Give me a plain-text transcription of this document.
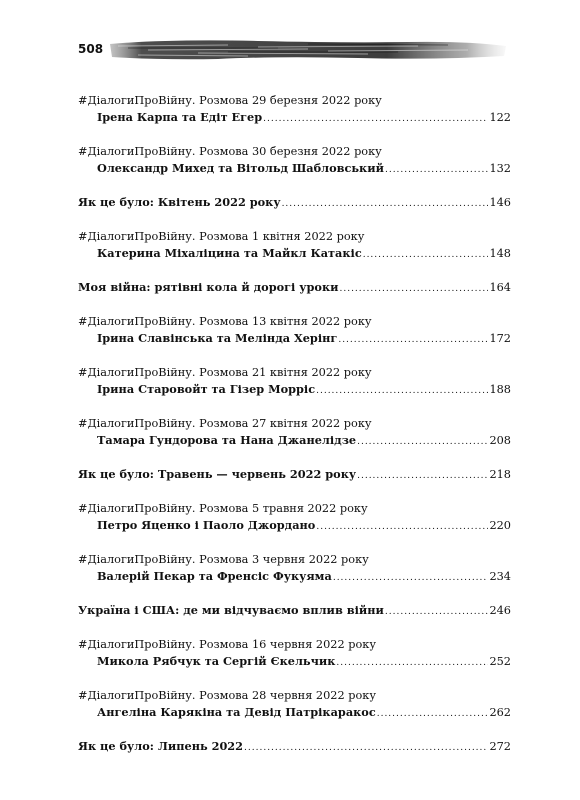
508
#ДіалогиПроВійну. Розмова 29 березня 2022 року
Ірена Карпа та Едіт Егер .....	122
#ДіалогиПроВійну. Розмова 30 березня 2022 року
Олександр Михед та Вітольд Шабловський .....	132
Як це було: Квітень 2022 року .....	146
#ДіалогиПроВійну. Розмова 1 квітня 2022 року
Катерина Міхаліцина та Майкл Катакіс .....	148
Моя війна: рятівні кола й дорогі уроки .....	164
#ДіалогиПроВійну. Розмова 13 квітня 2022 року
Ірина Славінська та Мелінда Херінг .....	172
#ДіалогиПроВійну. Розмова 21 квітня 2022 року
Ірина Старовойт та Гізер Морріс .....	188
#ДіалогиПроВійну. Розмова 27 квітня 2022 року
Тамара Гундорова та Нана Джанелідзе .....	208
Як це було: Травень — червень 2022 року .....	218
#ДіалогиПроВійну. Розмова 5 травня 2022 року
Петро Яценко і Паоло Джордано .....	220
#ДіалогиПроВійну. Розмова 3 червня 2022 року
Валерій Пекар та Френсіс Фукуяма .....	234
Україна і США: де ми відчуваємо вплив війни .....	246
#ДіалогиПроВійну. Розмова 16 червня 2022 року
Микола Рябчук та Сергій Єкельчик .....	252
#ДіалогиПроВійну. Розмова 28 червня 2022 року
Ангеліна Карякіна та Девід Патрікаракос .....	262
Як це було: Липень 2022 .....	272
